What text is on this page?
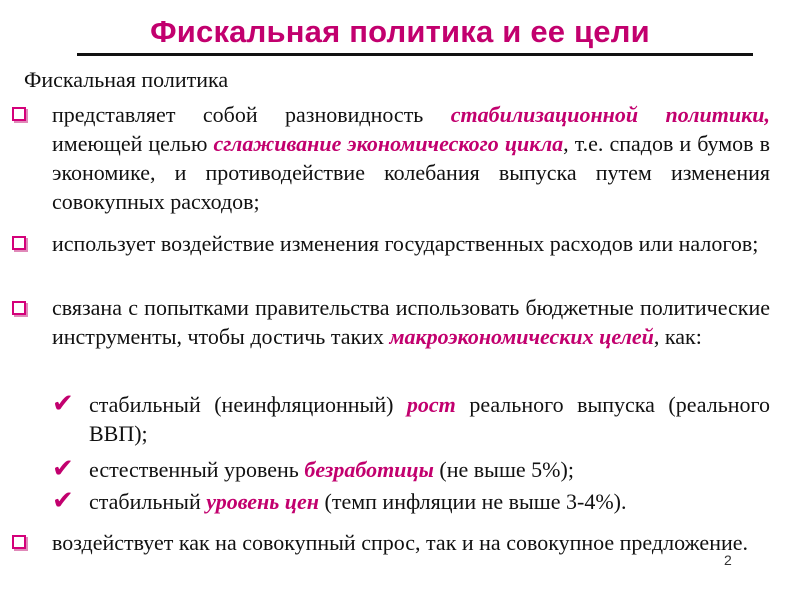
Фискальная политика и ее цели
Фискальная политика
представляет собой разновидность стабилизационной политики, имеющей целью сглаживание экономического цикла, т.е. спадов и бумов в экономике, и противодействие колебания выпуска путем изменения совокупных расходов;
использует воздействие изменения государственных расходов или налогов;
связана с попытками правительства использовать бюджетные политические инструменты, чтобы достичь таких макроэкономических целей, как:
✔ стабильный (неинфляционный) рост реального выпуска (реального ВВП);
✔ естественный уровень безработицы (не выше 5%);
✔ стабильный уровень цен (темп инфляции не выше 3-4%).
воздействует как на совокупный спрос, так и на совокупное предложение.
2
